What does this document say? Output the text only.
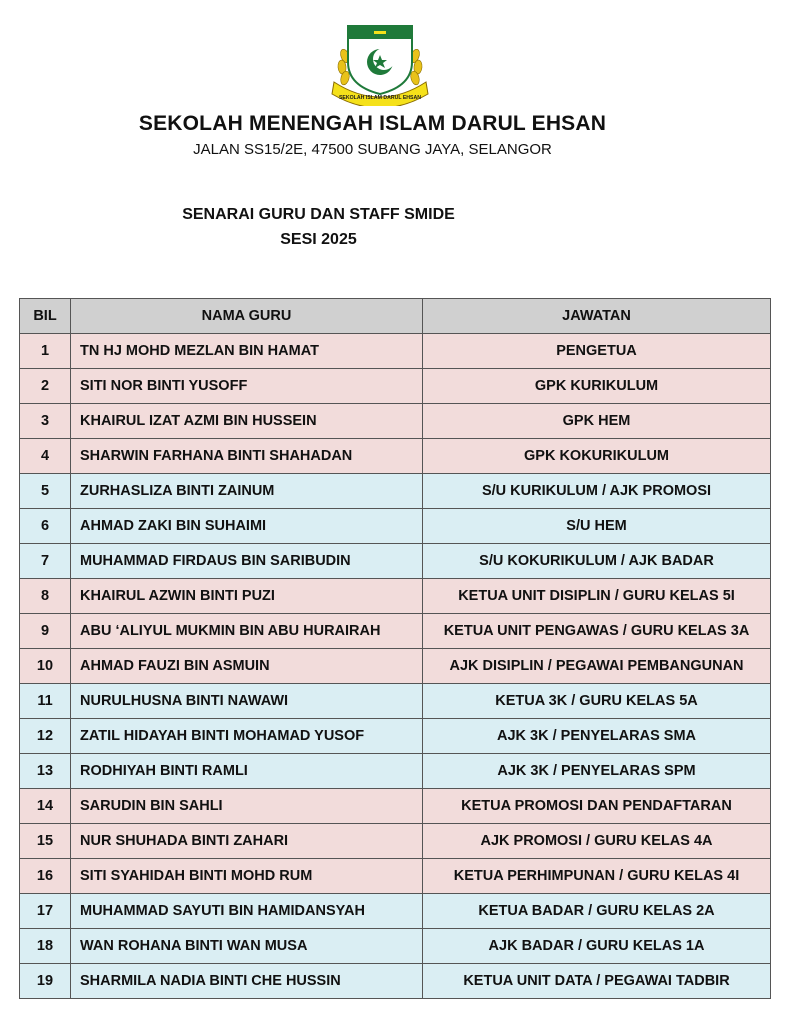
SEKOLAH ISLAM DARUL EHSAN
SEKOLAH MENENGAH ISLAM DARUL EHSAN
JALAN SS15/2E, 47500 SUBANG JAYA, SELANGOR
SENARAI GURU DAN STAFF SMIDE
SESI 2025
BIL	NAMA GURU	JAWATAN
1	TN HJ MOHD MEZLAN BIN HAMAT	PENGETUA
2	SITI NOR BINTI YUSOFF	GPK KURIKULUM
3	KHAIRUL IZAT AZMI BIN HUSSEIN	GPK HEM
4	SHARWIN FARHANA BINTI SHAHADAN	GPK KOKURIKULUM
5	ZURHASLIZA BINTI ZAINUM	S/U KURIKULUM / AJK PROMOSI
6	AHMAD ZAKI BIN SUHAIMI	S/U HEM
7	MUHAMMAD FIRDAUS BIN SARIBUDIN	S/U KOKURIKULUM / AJK BADAR
8	KHAIRUL AZWIN BINTI PUZI	KETUA UNIT DISIPLIN / GURU KELAS 5I
9	ABU ‘ALIYUL MUKMIN BIN ABU HURAIRAH	KETUA UNIT PENGAWAS / GURU KELAS 3A
10	AHMAD FAUZI BIN ASMUIN	AJK DISIPLIN / PEGAWAI PEMBANGUNAN
11	NURULHUSNA BINTI NAWAWI	KETUA 3K / GURU KELAS 5A
12	ZATIL HIDAYAH BINTI MOHAMAD YUSOF	AJK 3K / PENYELARAS SMA
13	RODHIYAH BINTI RAMLI	AJK 3K / PENYELARAS SPM
14	SARUDIN BIN SAHLI	KETUA PROMOSI DAN PENDAFTARAN
15	NUR SHUHADA BINTI ZAHARI	AJK PROMOSI / GURU KELAS 4A
16	SITI SYAHIDAH BINTI MOHD RUM	KETUA PERHIMPUNAN / GURU KELAS 4I
17	MUHAMMAD SAYUTI BIN HAMIDANSYAH	KETUA BADAR / GURU KELAS 2A
18	WAN ROHANA BINTI WAN MUSA	AJK BADAR / GURU KELAS 1A
19	SHARMILA NADIA BINTI CHE HUSSIN	KETUA UNIT DATA / PEGAWAI TADBIR
